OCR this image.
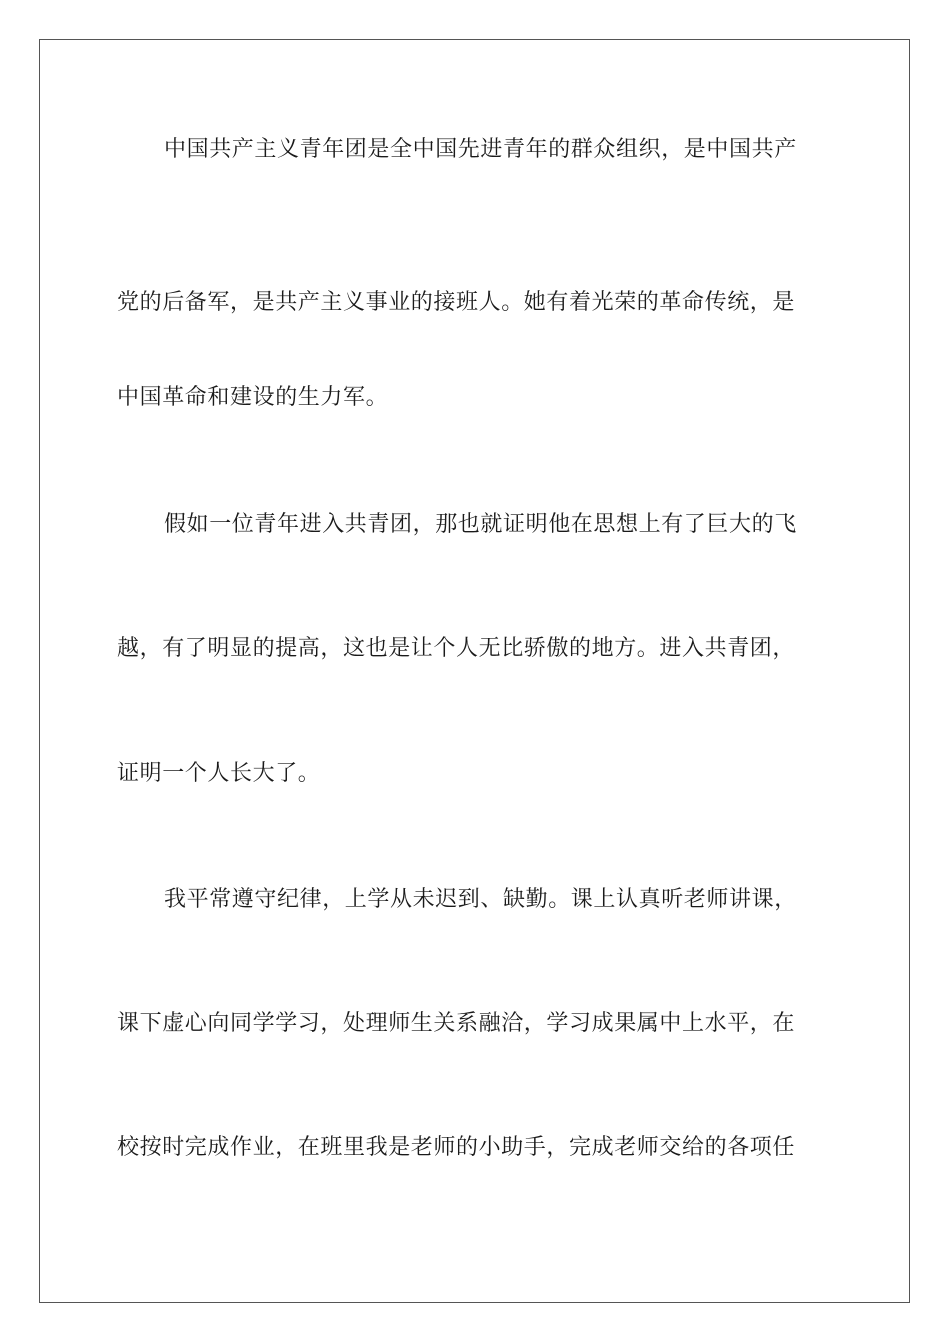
中国共产主义青年团是全中国先进青年的群众组织，是中国共产
党的后备军，是共产主义事业的接班人。她有着光荣的革命传统，是
中国革命和建设的生力军。
假如一位青年进入共青团，那也就证明他在思想上有了巨大的飞
越，有了明显的提高，这也是让个人无比骄傲的地方。进入共青团，
证明一个人长大了。
我平常遵守纪律，上学从未迟到、缺勤。课上认真听老师讲课，
课下虚心向同学学习，处理师生关系融洽，学习成果属中上水平，在
校按时完成作业，在班里我是老师的小助手，完成老师交给的各项任
